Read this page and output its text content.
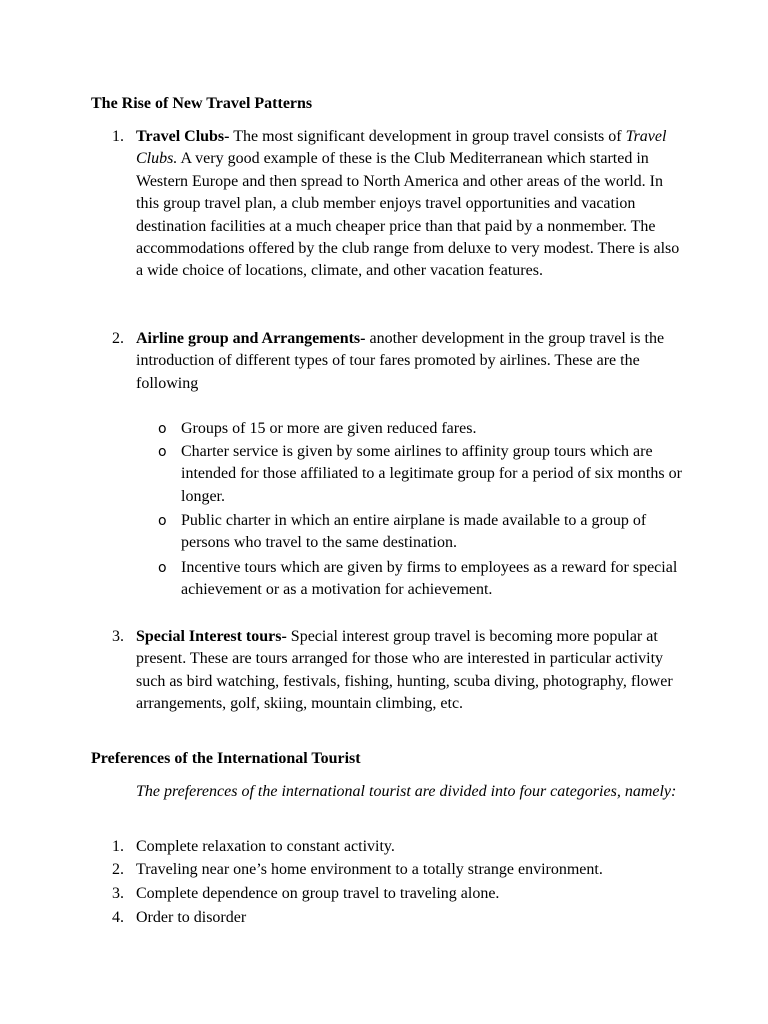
The Rise of New Travel Patterns
1. Travel Clubs- The most significant development in group travel consists of Travel Clubs. A very good example of these is the Club Mediterranean which started in Western Europe and then spread to North America and other areas of the world. In this group travel plan, a club member enjoys travel opportunities and vacation destination facilities at a much cheaper price than that paid by a nonmember. The accommodations offered by the club range from deluxe to very modest. There is also a wide choice of locations, climate, and other vacation features.
2. Airline group and Arrangements- another development in the group travel is the introduction of different types of tour fares promoted by airlines. These are the following
o Groups of 15 or more are given reduced fares.
o Charter service is given by some airlines to affinity group tours which are intended for those affiliated to a legitimate group for a period of six months or longer.
o Public charter in which an entire airplane is made available to a group of persons who travel to the same destination.
o Incentive tours which are given by firms to employees as a reward for special achievement or as a motivation for achievement.
3. Special Interest tours- Special interest group travel is becoming more popular at present. These are tours arranged for those who are interested in particular activity such as bird watching, festivals, fishing, hunting, scuba diving, photography, flower arrangements, golf, skiing, mountain climbing, etc.
Preferences of the International Tourist
The preferences of the international tourist are divided into four categories, namely:
1. Complete relaxation to constant activity.
2. Traveling near one’s home environment to a totally strange environment.
3. Complete dependence on group travel to traveling alone.
4. Order to disorder
